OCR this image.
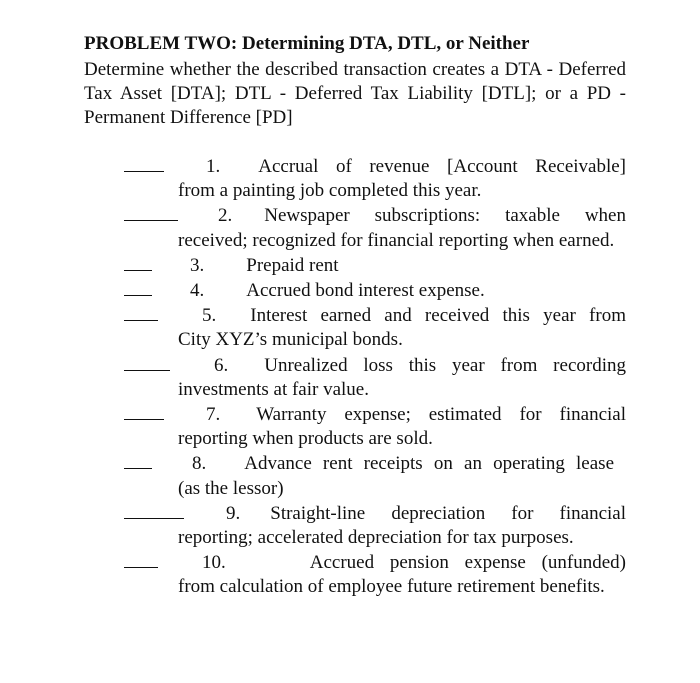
PROBLEM TWO: Determining DTA, DTL, or Neither
Determine whether the described transaction creates a DTA - Deferred Tax Asset [DTA]; DTL - Deferred Tax Liability [DTL]; or a PD - Permanent Difference [PD]
1. Accrual of revenue [Account Receivable]
from a painting job completed this year.
2. Newspaper subscriptions: taxable when
received; recognized for financial reporting when earned.
3. Prepaid rent
4. Accrued bond interest expense.
5. Interest earned and received this year from
City XYZ’s municipal bonds.
6. Unrealized loss this year from recording
investments at fair value.
7. Warranty expense; estimated for financial
reporting when products are sold.
8. Advance rent receipts on an operating lease
(as the lessor)
9. Straight-line depreciation for financial
reporting; accelerated depreciation for tax purposes.
10.	Accrued pension expense (unfunded)
from calculation of employee future retirement benefits.
